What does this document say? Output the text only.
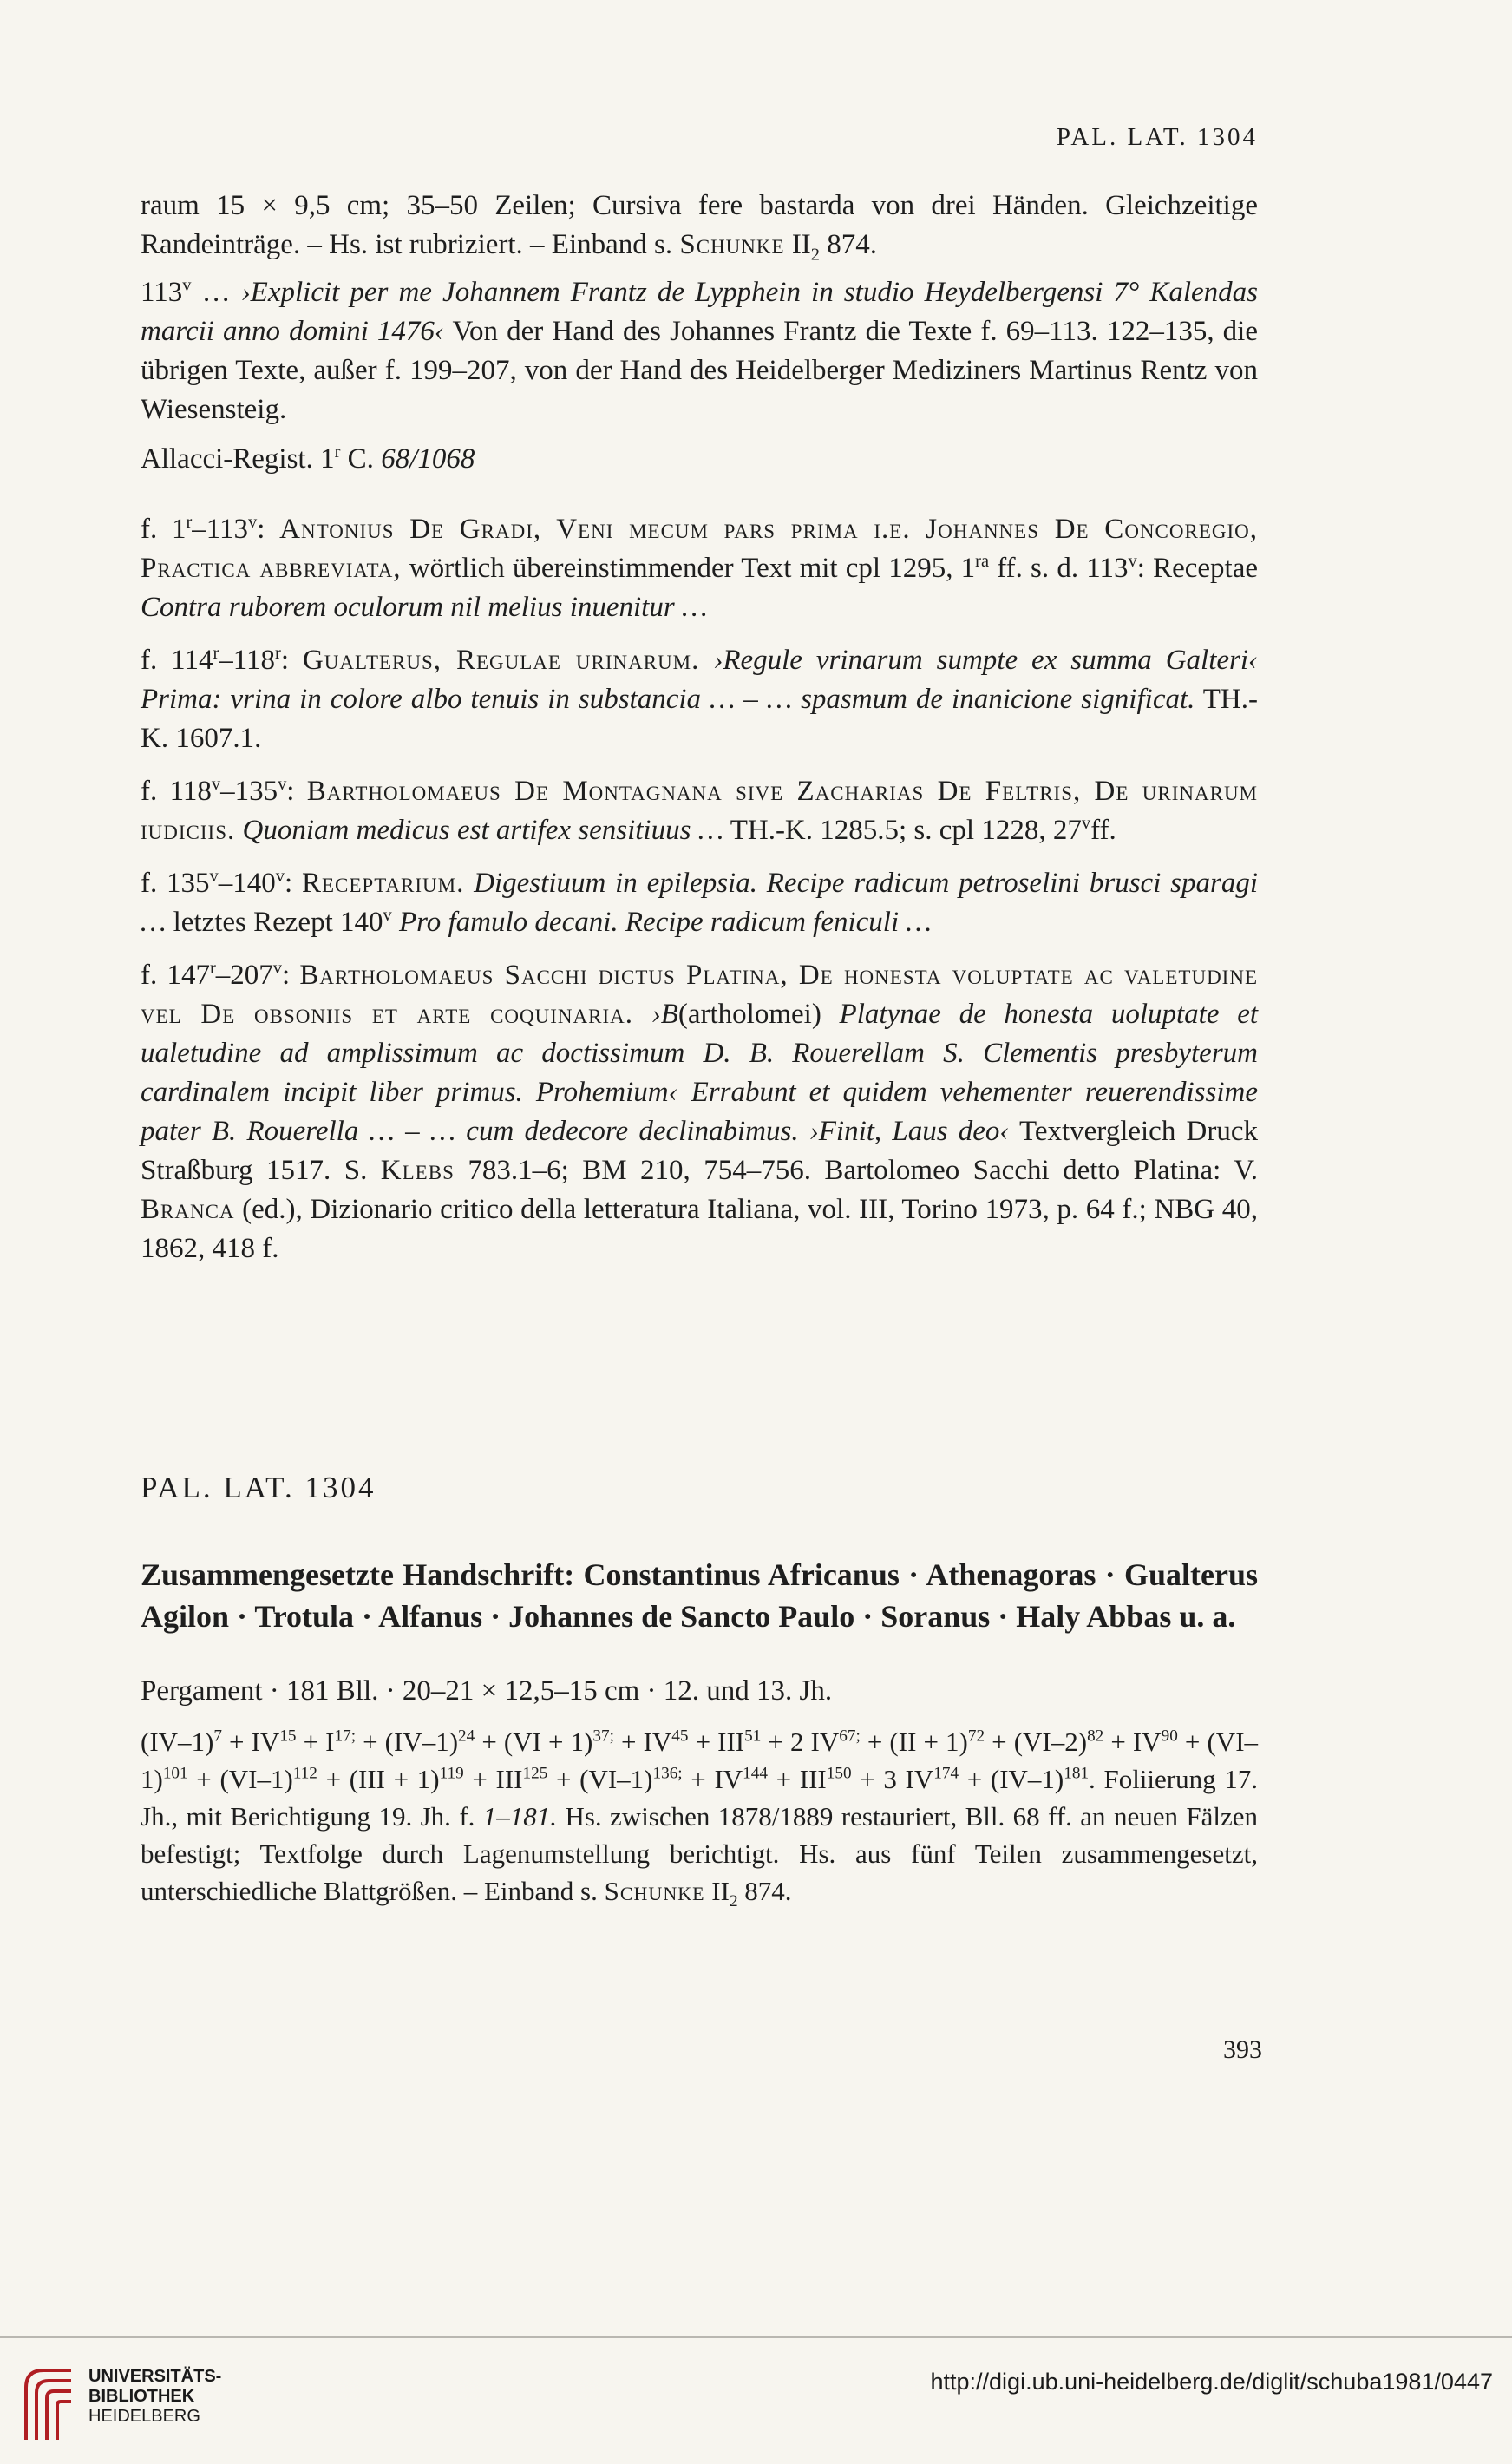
PAL. LAT. 1304

raum 15 × 9,5 cm; 35–50 Zeilen; Cursiva fere bastarda von drei Händen. Gleichzeitige Randeinträge. – Hs. ist rubriziert. – Einband s. Schunke $II_2$ 874.

113$^v$ … ›Explicit per me Johannem Frantz de Lypphein in studio Heydelbergensi 7° Kalendas marcii anno domini 1476‹ Von der Hand des Johannes Frantz die Texte f. 69–113. 122–135, die übrigen Texte, außer f. 199–207, von der Hand des Heidelberger Mediziners Martinus Rentz von Wiesensteig.

Allacci-Regist. 1$^r$ C. 68/1068

f. 1$^r$–113$^v$: Antonius De Gradi, Veni mecum pars prima i.e. Johannes De Concoregio, Practica abbreviata, wörtlich übereinstimmender Text mit cpl 1295, $1^{ra}$ ff. s. d. 113$^v$: Receptae Contra ruborem oculorum nil melius inuenitur …

f. 114$^r$–118$^r$: Gualterus, Regulae urinarum. ›Regule vrinarum sumpte ex summa Galteri‹ Prima: vrina in colore albo tenuis in substancia … – … spasmum de inanicione significat. TH.-K. 1607.1.

f. 118$^v$–135$^v$: Bartholomaeus De Montagnana sive Zacharias De Feltris, De urinarum iudiciis. Quoniam medicus est artifex sensitiuus … TH.-K. 1285.5; s. cpl 1228, 27$^v$ff.

f. 135$^v$–140$^v$: Receptarium. Digestiuum in epilepsia. Recipe radicum petroselini brusci sparagi … letztes Rezept 140$^v$ Pro famulo decani. Recipe radicum feniculi …

f. 147$^r$–207$^v$: Bartholomaeus Sacchi dictus Platina, De honesta voluptate ac valetudine vel De obsoniis et arte coquinaria. ›B(artholomei) Platynae de honesta uoluptate et ualetudine ad amplissimum ac doctissimum D. B. Rouerellam S. Clementis presbyterum cardinalem incipit liber primus. Prohemium‹ Errabunt et quidem vehementer reuerendissime pater B. Rouerella … – … cum dedecore declinabimus. ›Finit, Laus deo‹ Textvergleich Druck Straßburg 1517. S. Klebs 783.1–6; BM 210, 754–756. Bartolomeo Sacchi detto Platina: V. Branca (ed.), Dizionario critico della letteratura Italiana, vol. III, Torino 1973, p. 64 f.; NBG 40, 1862, 418 f.

PAL. LAT. 1304

Zusammengesetzte Handschrift: Constantinus Africanus · Athenagoras · Gualterus Agilon · Trotula · Alfanus · Johannes de Sancto Paulo · Soranus · Haly Abbas u. a.

Pergament · 181 Bll. · 20–21 × 12,5–15 cm · 12. und 13. Jh.

$(IV-1)^7 + IV^{15} + I^{17;} + (IV-1)^{24} + (VI + 1)^{37;} + IV^{45} + III^{51} + 2$ $IV^{67;} + (II + 1)^{72} + (VI-2)^{82} + IV^{90} + (VI-1)^{101} + (VI-1)^{112} + (III + 1)^{119} + III^{125} + (VI-1)^{136;} + IV^{144} + III^{150} + 3$ $IV^{174} + (IV-1)^{181}$. Foliierung 17. Jh., mit Berichtigung 19. Jh. f. 1–181. Hs. zwischen 1878/1889 restauriert, Bll. 68 ff. an neuen Fälzen befestigt; Textfolge durch Lagenumstellung berichtigt. Hs. aus fünf Teilen zusammengesetzt, unterschiedliche Blattgrößen. – Einband s. Schunke $II_2$ 874.

393
UNIVERSITÄTS-
BIBLIOTHEK
HEIDELBERG
http://digi.ub.uni-heidelberg.de/diglit/schuba1981/0447
